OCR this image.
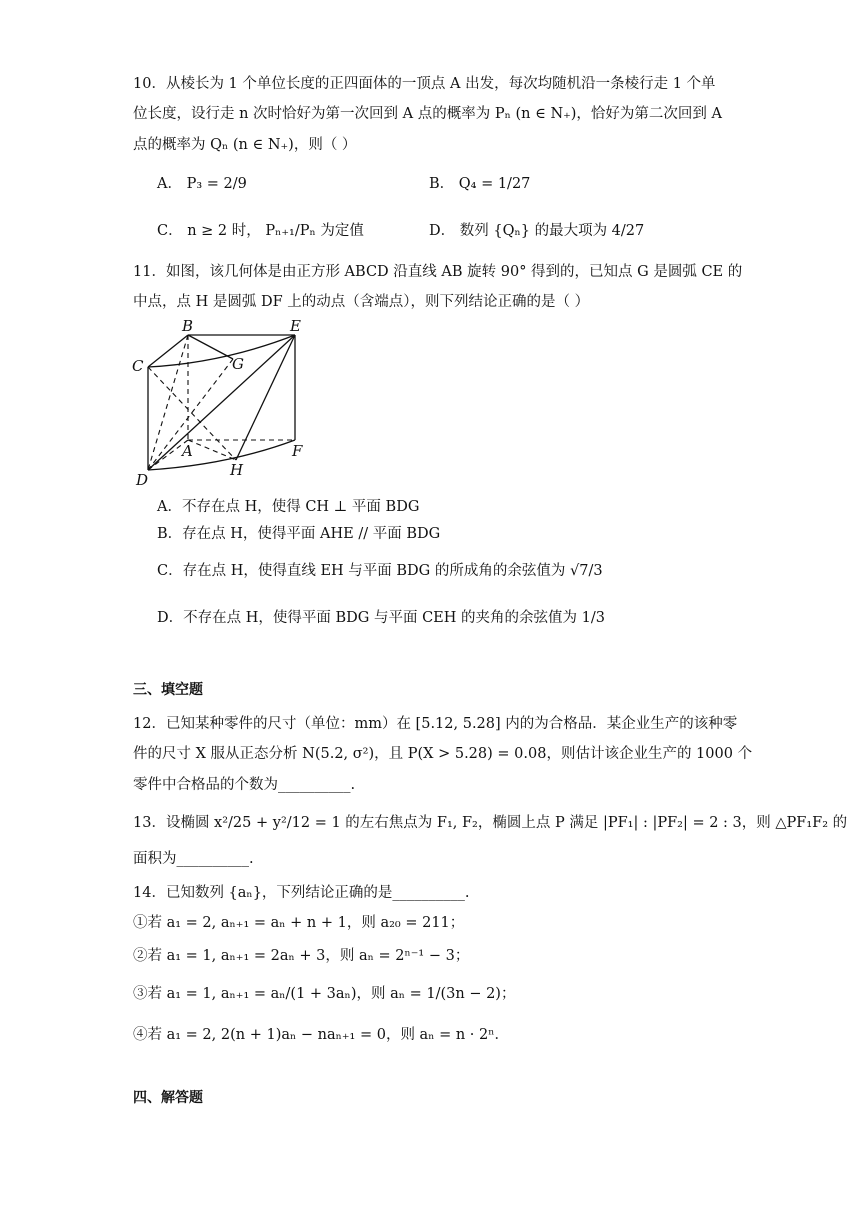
10．从棱长为 1 个单位长度的正四面体的一顶点 A 出发，每次均随机沿一条棱行走 1 个单
位长度，设行走 n 次时恰好为第一次回到 A 点的概率为 Pₙ (n ∈ N₊)，恰好为第二次回到 A
点的概率为 Qₙ (n ∈ N₊)，则（ ）
A． P₃ = 2/9	B． Q₄ = 1/27
C． n ≥ 2 时， Pₙ₊₁/Pₙ 为定值	D． 数列 {Qₙ} 的最大项为 4/27
11．如图，该几何体是由正方形 ABCD 沿直线 AB 旋转 90° 得到的，已知点 G 是圆弧 CE 的
中点，点 H 是圆弧 DF 上的动点（含端点），则下列结论正确的是（ ）
B	E
C	G
A	F
H
D
A．不存在点 H，使得 CH ⊥ 平面 BDG
B．存在点 H，使得平面 AHE // 平面 BDG
C．存在点 H，使得直线 EH 与平面 BDG 的所成角的余弦值为 √7/3
D．不存在点 H，使得平面 BDG 与平面 CEH 的夹角的余弦值为 1/3
三、填空题
12．已知某种零件的尺寸（单位：mm）在 [5.12, 5.28] 内的为合格品．某企业生产的该种零
件的尺寸 X 服从正态分析 N(5.2, σ²)，且 P(X > 5.28) = 0.08，则估计该企业生产的 1000 个
零件中合格品的个数为__________.
13．设椭圆 x²/25 + y²/12 = 1 的左右焦点为 F₁, F₂，椭圆上点 P 满足 |PF₁| : |PF₂| = 2 : 3，则 △PF₁F₂ 的
面积为__________.
14．已知数列 {aₙ}，下列结论正确的是__________.
①若 a₁ = 2, aₙ₊₁ = aₙ + n + 1，则 a₂₀ = 211；
②若 a₁ = 1, aₙ₊₁ = 2aₙ + 3，则 aₙ = 2ⁿ⁻¹ − 3；
③若 a₁ = 1, aₙ₊₁ = aₙ/(1 + 3aₙ)，则 aₙ = 1/(3n − 2)；
④若 a₁ = 2, 2(n + 1)aₙ − naₙ₊₁ = 0，则 aₙ = n · 2ⁿ．
四、解答题
